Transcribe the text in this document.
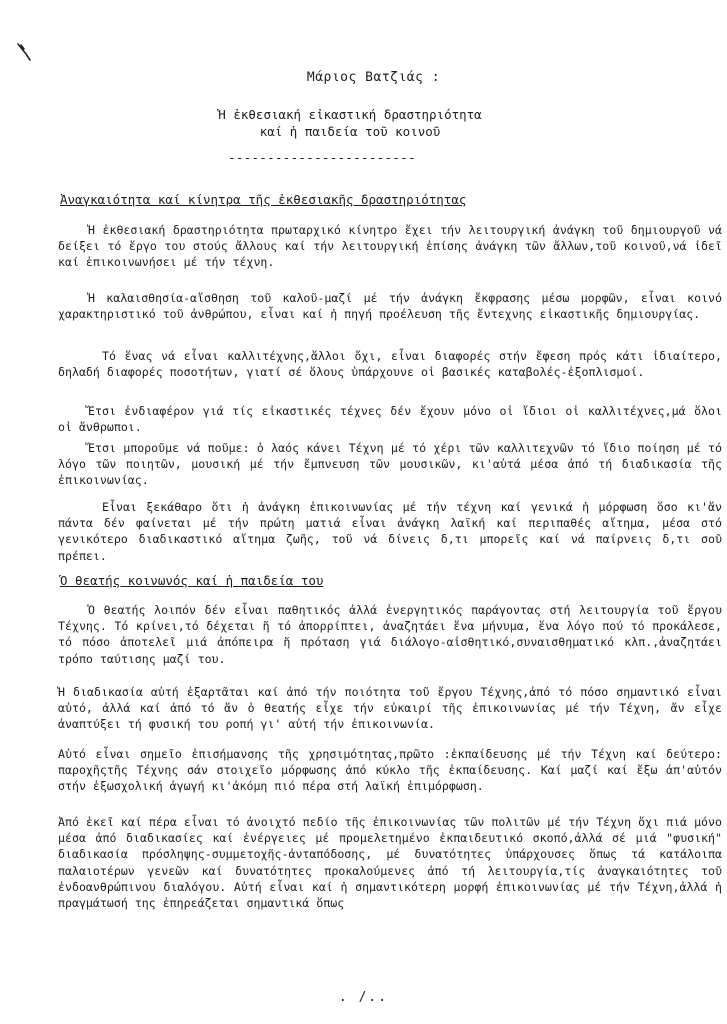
Μάριος Βατζιάς :
Ἡ ἐκθεσιακή εἰκαστική δραστηριότητα
καί ἡ παιδεία τοῦ κοινοῦ
------------------------
Ἀναγκαιότητα καί κίνητρα τῆς ἐκθεσιακῆς δραστηριότητας
Ἡ ἐκθεσιακή δραστηριότητα πρωταρχικό κίνητρο ἔχει τήν λειτουργική ἀνάγκη τοῦ δημιουργοῦ νά δείξει τό ἔργο του στούς ἄλλους καί τήν λειτουργική ἐπίσης ἀνάγκη τῶν ἄλλων,τοῦ κοινοῦ,νά ἰδεῖ καί ἐπικοινωνήσει μέ τήν τέχνη.
Ἡ καλαισθησία-αἴσθηση τοῦ καλοῦ-μαζί μέ τήν ἀνάγκη ἔκφρασης μέσω μορφῶν, εἶναι κοινό χαρακτηριστικό τοῦ ἀνθρώπου, εἶναι καί ἡ πηγή προέλευση τῆς ἔντεχνης εἰκαστικῆς δημιουργίας.
Τό ἕνας νά εἶναι καλλιτέχνης,ἄλλοι ὄχι, εἶναι διαφορές στήν ἔφεση πρός κάτι ἰδιαίτερο, δηλαδή διαφορές ποσοτήτων, γιατί σέ ὅλους ὑπάρχουνε οἱ βασικές καταβολές-ἐξοπλισμοί.
Ἔτσι ἐνδιαφέρον γιά τίς εἰκαστικές τέχνες δέν ἔχουν μόνο οἱ ἴδιοι οἱ καλλιτέχνες,μά ὅλοι οἱ ἄνθρωποι.
Ἔτσι μποροῦμε νά ποῦμε: ὁ λαός κάνει Τέχνη μέ τό χέρι τῶν καλλιτεχνῶν τό ἴδιο ποίηση μέ τό λόγο τῶν ποιητῶν, μουσική μέ τήν ἔμπνευση τῶν μουσικῶν, κι'αὐτά μέσα ἀπό τή διαδικασία τῆς ἐπικοινωνίας.
Εἶναι ξεκάθαρο ὅτι ἡ ἀνάγκη ἐπικοινωνίας μέ τήν τέχνη καί γενικά ἡ μόρφωση ὅσο κι'ἄν πάντα δέν φαίνεται μέ τήν πρώτη ματιά εἶναι ἀνάγκη λαϊκή καί περιπαθές αἴτημα, μέσα στό γενικότερο διαδικαστικό αἴτημα ζωῆς, τοῦ νά δίνεις δ,τι μπορεῖς καί νά παίρνεις δ,τι σοῦ πρέπει.
Ὁ θεατής κοινωνός καί ἡ παιδεία του
Ὁ θεατής λοιπόν δέν εἶναι παθητικός ἀλλά ἐνεργητικός παράγοντας στή λειτουργία τοῦ ἔργου Τέχνης. Τό κρίνει,τό δέχεται ἤ τό ἀπορρίπτει, ἀναζητάει ἕνα μήνυμα, ἕνα λόγο πού τό προκάλεσε, τό πόσο ἀποτελεῖ μιά ἀπόπειρα ἤ πρόταση γιά διάλογο-αἰσθητικό,συναισθηματικό κλπ.,ἀναζητάει τρόπο ταύτισης μαζί του.
Ἡ διαδικασία αὐτή ἐξαρτᾶται καί ἀπό τήν ποιότητα τοῦ ἔργου Τέχνης,ἀπό τό πόσο σημαντικό εἶναι αὐτό, ἀλλά καί ἀπό τό ἄν ὁ θεατής εἶχε τήν εὐκαιρί τῆς ἐπικοινωνίας μέ τήν Τέχνη, ἄν εἶχε ἀναπτύξει τή φυσική του ροπή γι' αὐτή τήν ἐπικοινωνία.
Αὐτό εἶναι σημεῖο ἐπισήμανσης τῆς χρησιμότητας,πρῶτο :ἐκπαίδευσης μέ τήν Τέχνη καί δεύτερο: παροχῆςτῆς Τέχνης σάν στοιχεῖο μόρφωσης ἀπό κύκλο τῆς ἐκπαίδευσης. Καί μαζί καί ἔξω ἀπ'αὐτόν στήν ἐξωσχολική ἀγωγή κι'ἀκόμη πιό πέρα στή λαϊκή ἐπιμόρφωση.
Ἀπό ἐκεῖ καί πέρα εἶναι τό ἀνοιχτό πεδίο τῆς ἐπικοινωνίας τῶν πολιτῶν μέ τήν Τέχνη ὄχι πιά μόνο μέσα ἀπό διαδικασίες καί ἐνέργειες μέ προμελετημένο ἐκπαιδευτικό σκοπό,ἀλλά σέ μιά "φυσική" διαδικασία πρόσληψης-συμμετοχῆς-ἀνταπόδοσης, μέ δυνατότητες ὑπάρχουσες ὅπως τά κατάλοιπα παλαιοτέρων γενεῶν καί δυνατότητες προκαλούμενες ἀπό τή λειτουργία,τίς ἀναγκαιότητες τοῦ ἐνδοανθρώπινου διαλόγου. Αὐτή εἶναι καί ἡ σημαντικότερη μορφή ἐπικοινωνίας μέ τήν Τέχνη,ἀλλά ἡ πραγμάτωσή της ἐπηρεάζεται σημαντικά ὅπως
. /..
